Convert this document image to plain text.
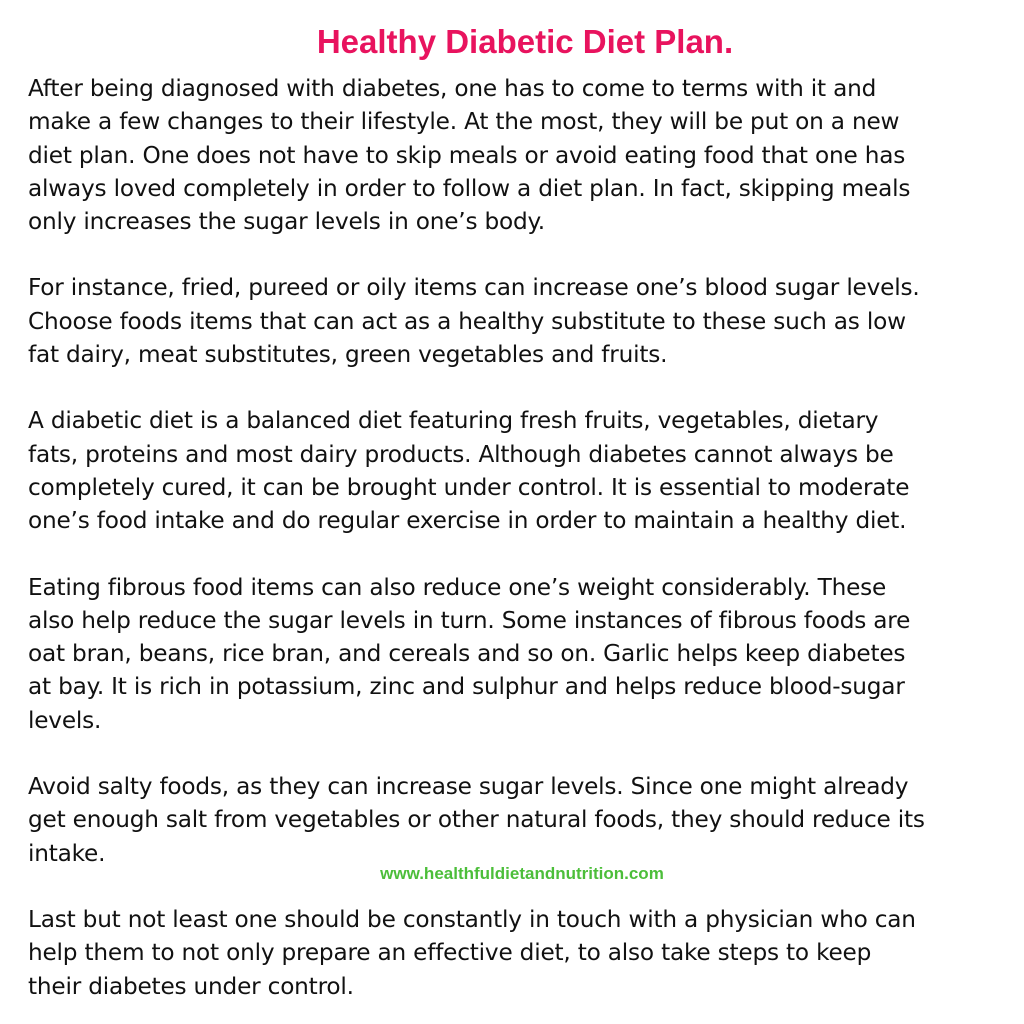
Healthy Diabetic Diet Plan.
After being diagnosed with diabetes, one has to come to terms with it and
make a few changes to their lifestyle. At the most, they will be put on a new
diet plan. One does not have to skip meals or avoid eating food that one has
always loved completely in order to follow a diet plan. In fact, skipping meals
only increases the sugar levels in one’s body.
For instance, fried, pureed or oily items can increase one’s blood sugar levels.
Choose foods items that can act as a healthy substitute to these such as low
fat dairy, meat substitutes, green vegetables and fruits.
A diabetic diet is a balanced diet featuring fresh fruits, vegetables, dietary
fats, proteins and most dairy products. Although diabetes cannot always be
completely cured, it can be brought under control. It is essential to moderate
one’s food intake and do regular exercise in order to maintain a healthy diet.
Eating fibrous food items can also reduce one’s weight considerably. These
also help reduce the sugar levels in turn. Some instances of fibrous foods are
oat bran, beans, rice bran, and cereals and so on. Garlic helps keep diabetes
at bay. It is rich in potassium, zinc and sulphur and helps reduce blood-sugar
levels.
Avoid salty foods, as they can increase sugar levels. Since one might already
get enough salt from vegetables or other natural foods, they should reduce its
intake.
www.healthfuldietandnutrition.com
Last but not least one should be constantly in touch with a physician who can
help them to not only prepare an effective diet, to also take steps to keep
their diabetes under control.
